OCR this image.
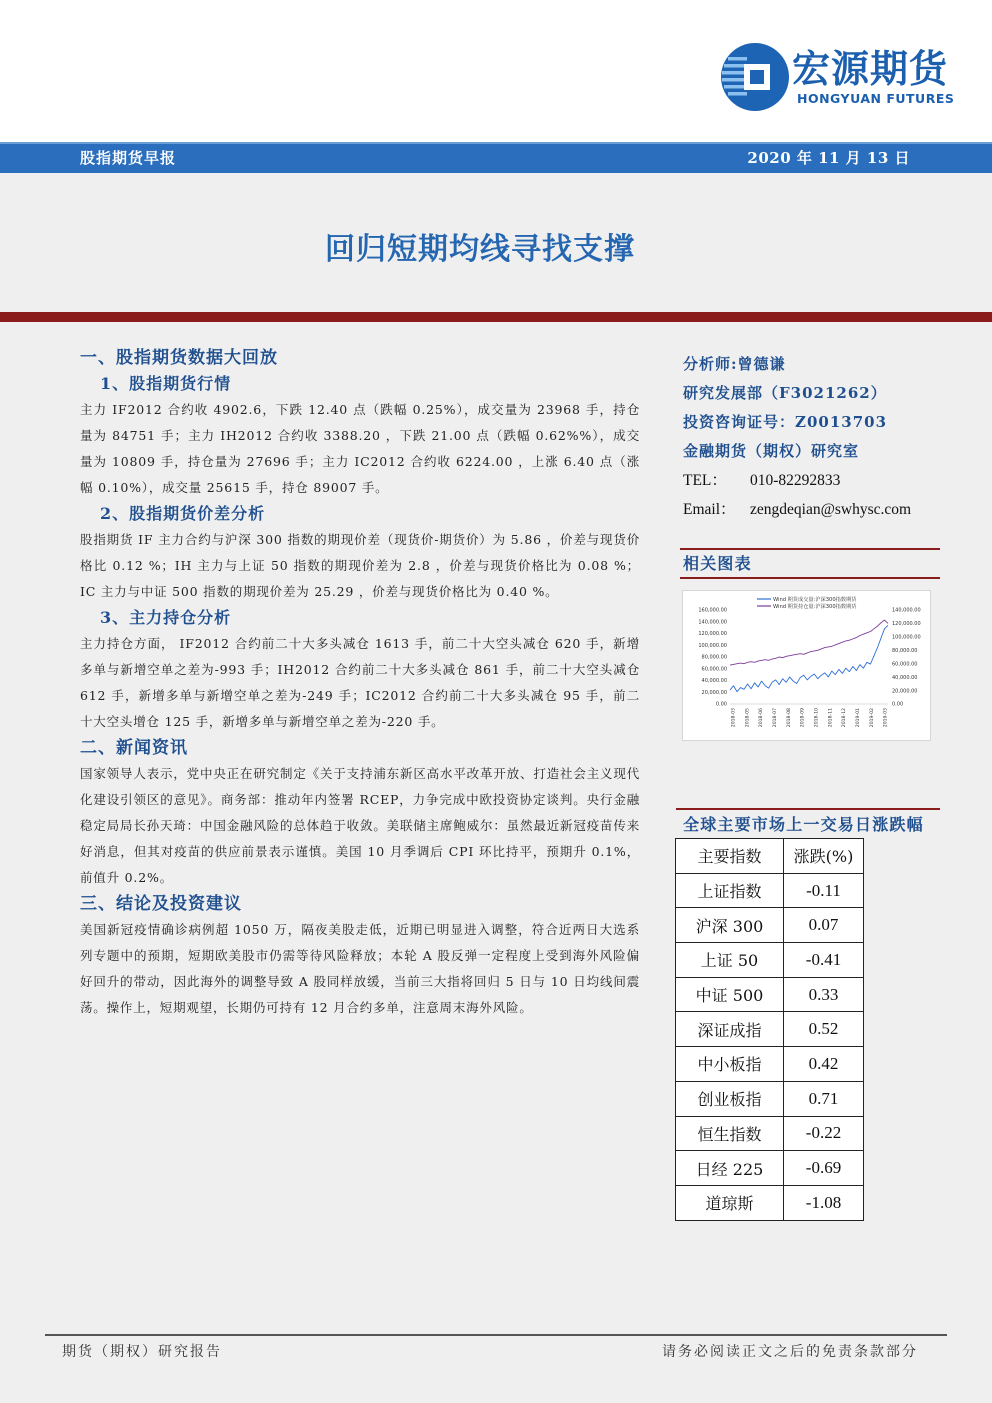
宏源期货
HONGYUAN FUTURES
股指期货早报	2020 年 11 月 13 日
回归短期均线寻找支撑
一、股指期货数据大回放
1、股指期货行情

主力 IF2012 合约收 4902.6，下跌 12.40 点（跌幅 0.25%），成交量为 23968 手，持仓量为 84751 手；主力 IH2012 合约收 3388.20 ，下跌 21.00 点（跌幅 0.62%%），成交量为 10809 手，持仓量为 27696 手；主力 IC2012 合约收 6224.00 ，上涨 6.40 点（涨幅 0.10%），成交量 25615 手，持仓 89007 手。

2、股指期货价差分析

股指期货 IF 主力合约与沪深 300 指数的期现价差（现货价-期货价）为 5.86 ，价差与现货价格比 0.12 %；IH 主力与上证 50 指数的期现价差为 2.8 ，价差与现货价格比为 0.08 %； IC 主力与中证 500 指数的期现价差为 25.29 ，价差与现货价格比为 0.40 %。

3、主力持仓分析

主力持仓方面， IF2012 合约前二十大多头减仓 1613 手，前二十大空头减仓 620 手，新增多单与新增空单之差为-993 手；IH2012 合约前二十大多头减仓 861 手，前二十大空头减仓 612 手，新增多单与新增空单之差为-249 手；IC2012 合约前二十大多头减仓 95 手，前二十大空头增仓 125 手，新增多单与新增空单之差为-220 手。

二、新闻资讯

国家领导人表示，党中央正在研究制定《关于支持浦东新区高水平改革开放、打造社会主义现代化建设引领区的意见》。商务部：推动年内签署 RCEP，力争完成中欧投资协定谈判。央行金融稳定局局长孙天琦：中国金融风险的总体趋于收敛。美联储主席鲍威尔：虽然最近新冠疫苗传来好消息，但其对疫苗的供应前景表示谨慎。美国 10 月季调后 CPI 环比持平，预期升 0.1%，前值升 0.2%。

三、结论及投资建议

美国新冠疫情确诊病例超 1050 万，隔夜美股走低，近期已明显进入调整，符合近两日大选系列专题中的预期，短期欧美股市仍需等待风险释放；本轮 A 股反弹一定程度上受到海外风险偏好回升的带动，因此海外的调整导致 A 股同样放缓，当前三大指将回归 5 日与 10 日均线间震荡。操作上，短期观望，长期仍可持有 12 月合约多单，注意周末海外风险。

分析师:曾德谦
研究发展部（F3021262）
投资咨询证号：Z0013703
金融期货（期权）研究室
TEL： 010-82292833
Email： zengdeqian@swhysc.com
相关图表
Wind 期货成交量:沪深300指数期货
Wind 期货持仓量:沪深300指数期货
0.00
20,000.00
40,000.00
60,000.00
80,000.00
100,000.00
120,000.00
140,000.00
160,000.00
0.00
20,000.00
40,000.00
60,000.00
80,000.00
100,000.00
120,000.00
140,000.00
2018-03 2018-05 2018-06 2018-07 2018-08 2018-09 2018-10 2018-11 2018-12 2019-01 2019-02 2019-03
全球主要市场上一交易日涨跌幅
主要指数	涨跌(%)
上证指数	-0.11
沪深 300	0.07
上证 50	-0.41
中证 500	0.33
深证成指	0.52
中小板指	0.42
创业板指	0.71
恒生指数	-0.22
日经 225	-0.69
道琼斯	-1.08
期货（期权）研究报告	请务必阅读正文之后的免责条款部分
